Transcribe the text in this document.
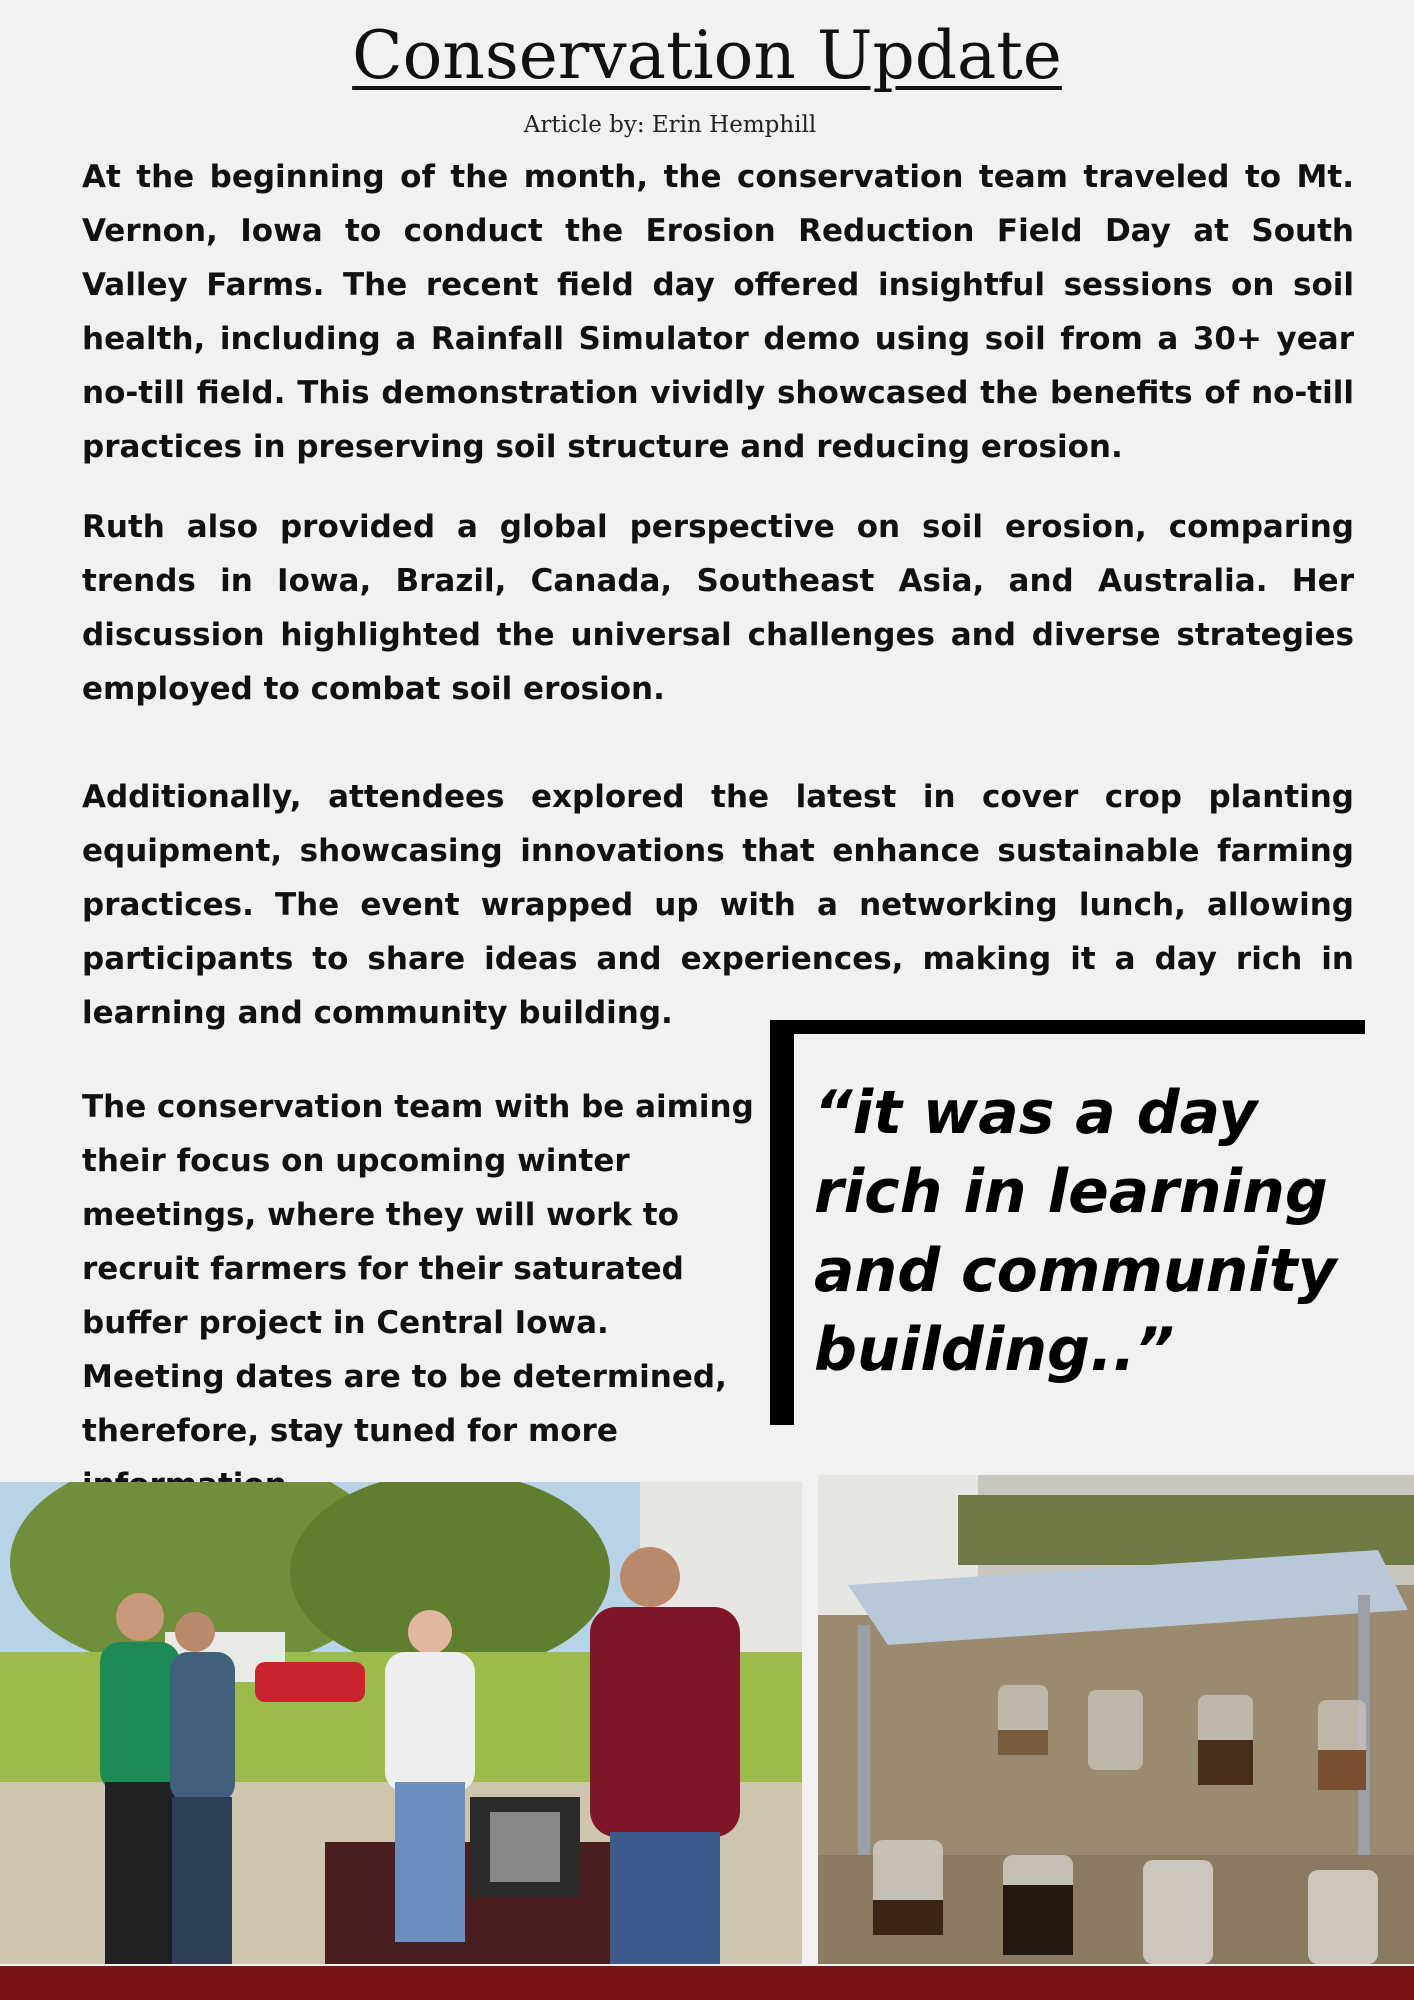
Conservation Update
Article by: Erin Hemphill

At the beginning of the month, the conservation team traveled to Mt. Vernon, Iowa to conduct the Erosion Reduction Field Day at South Valley Farms. The recent field day offered insightful sessions on soil health, including a Rainfall Simulator demo using soil from a 30+ year no-till field. This demonstration vividly showcased the benefits of no-till practices in preserving soil structure and reducing erosion.

Ruth also provided a global perspective on soil erosion, comparing trends in Iowa, Brazil, Canada, Southeast Asia, and Australia. Her discussion highlighted the universal challenges and diverse strategies employed to combat soil erosion.

Additionally, attendees explored the latest in cover crop planting equipment, showcasing innovations that enhance sustainable farming practices. The event wrapped up with a networking lunch, allowing participants to share ideas and experiences, making it a day rich in learning and community building.

The conservation team with be aiming their focus on upcoming winter meetings, where they will work to recruit farmers for their saturated buffer project in Central Iowa. Meeting dates are to be determined, therefore, stay tuned for more

“it was a day rich in learning and community building..”
